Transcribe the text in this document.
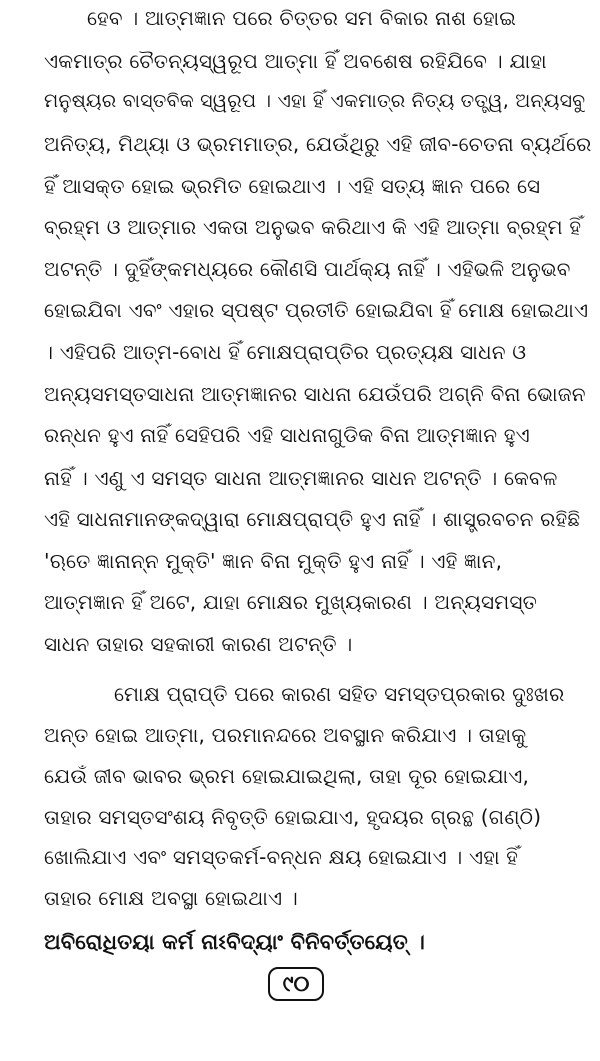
ହେବ । ଆତ୍ମଜ୍ଞାନ ପରେ ଚିତ୍ତର ସମ ବିକାର ନାଶ ହୋଇ
ଏକମାତ୍ର ଚୈତନ୍ୟସ୍ୱରୂପ ଆତ୍ମା ହିଁ ଅବଶେଷ ରହିଯିବେ । ଯାହା
ମନୁଷ୍ୟର ବାସ୍ତବିକ ସ୍ୱରୂପ । ଏହା ହିଁ ଏକମାତ୍ର ନିତ୍ୟ ତତ୍ତ୍ୱ, ଅନ୍ୟସବୁ
ଅନିତ୍ୟ, ମିଥ୍ୟା ଓ ଭ୍ରମମାତ୍ର, ଯେଉଁଥିରୁ ଏହି ଜୀବ-ଚେତନା ବ୍ୟର୍ଥରେ
ହିଁ ଆସକ୍ତ ହୋଇ ଭ୍ରମିତ ହୋଇଥାଏ । ଏହି ସତ୍ୟ ଜ୍ଞାନ ପରେ ସେ
ବ୍ରହ୍ମ ଓ ଆତ୍ମାର ଏକତା ଅନୁଭବ କରିଥାଏ କି ଏହି ଆତ୍ମା ବ୍ରହ୍ମ ହିଁ
ଅଟନ୍ତି । ଦୁହିଁଙ୍କମଧ୍ୟରେ କୌଣସି ପାର୍ଥକ୍ୟ ନାହିଁ । ଏହିଭଳି ଅନୁଭବ
ହୋଇଯିବା ଏବଂ ଏହାର ସ୍ପଷ୍ଟ ପ୍ରତୀତି ହୋଇଯିବା ହିଁ ମୋକ୍ଷ ହୋଇଥାଏ
। ଏହିପରି ଆତ୍ମ-ବୋଧ ହିଁ ମୋକ୍ଷପ୍ରାପ୍ତିର ପ୍ରତ୍ୟକ୍ଷ ସାଧନ ଓ
ଅନ୍ୟସମସ୍ତସାଧନା ଆତ୍ମଜ୍ଞାନର ସାଧନା ଯେଉଁପରି ଅଗ୍ନି ବିନା ଭୋଜନ
ରନ୍ଧନ ହୁଏ ନାହିଁ ସେହିପରି ଏହି ସାଧନାଗୁଡିକ ବିନା ଆତ୍ମଜ୍ଞାନ ହୁଏ
ନାହିଁ । ଏଣୁ ଏ ସମସ୍ତ ସାଧନା ଆତ୍ମଜ୍ଞାନର ସାଧନ ଅଟନ୍ତି । କେବଳ
ଏହି ସାଧନାମାନଙ୍କଦ୍ୱାରା ମୋକ୍ଷପ୍ରାପ୍ତି ହୁଏ ନାହିଁ । ଶାସ୍ତ୍ରବଚନ ରହିଛି
'ଋତେ ଜ୍ଞାନାନ୍ନ ମୁକ୍ତି' ଜ୍ଞାନ ବିନା ମୁକ୍ତି ହୁଏ ନାହିଁ । ଏହି ଜ୍ଞାନ,
ଆତ୍ମଜ୍ଞାନ ହିଁ ଅଟେ, ଯାହା ମୋକ୍ଷର ମୁଖ୍ୟକାରଣ । ଅନ୍ୟସମସ୍ତ
ସାଧନ ତାହାର ସହକାରୀ କାରଣ ଅଟନ୍ତି ।
ମୋକ୍ଷ ପ୍ରାପ୍ତି ପରେ କାରଣ ସହିତ ସମସ୍ତପ୍ରକାର ଦୁଃଖର
ଅନ୍ତ ହୋଇ ଆତ୍ମା, ପରମାନନ୍ଦରେ ଅବସ୍ଥାନ କରିଯାଏ । ତାହାକୁ
ଯେଉଁ ଜୀବ ଭାବର ଭ୍ରମ ହୋଇଯାଇଥିଲା, ତାହା ଦୂର ହୋଇଯାଏ,
ତାହାର ସମସ୍ତସଂଶୟ ନିବୃତ୍ତି ହୋଇଯାଏ, ହୃଦୟର ଗ୍ରନ୍ଥ (ଗଣ୍ଠି)
ଖୋଲିଯାଏ ଏବଂ ସମସ୍ତକର୍ମ-ବନ୍ଧନ କ୍ଷୟ ହୋଇଯାଏ । ଏହା ହିଁ
ତାହାର ମୋକ୍ଷ ଅବସ୍ଥା ହୋଇଥାଏ ।
ଅବିରୋଧିତୟା କର୍ମ ନାଽବିଦ୍ୟାଂ ବିନିବର୍ତ୍ତୟେତ୍ ।
୯୦
